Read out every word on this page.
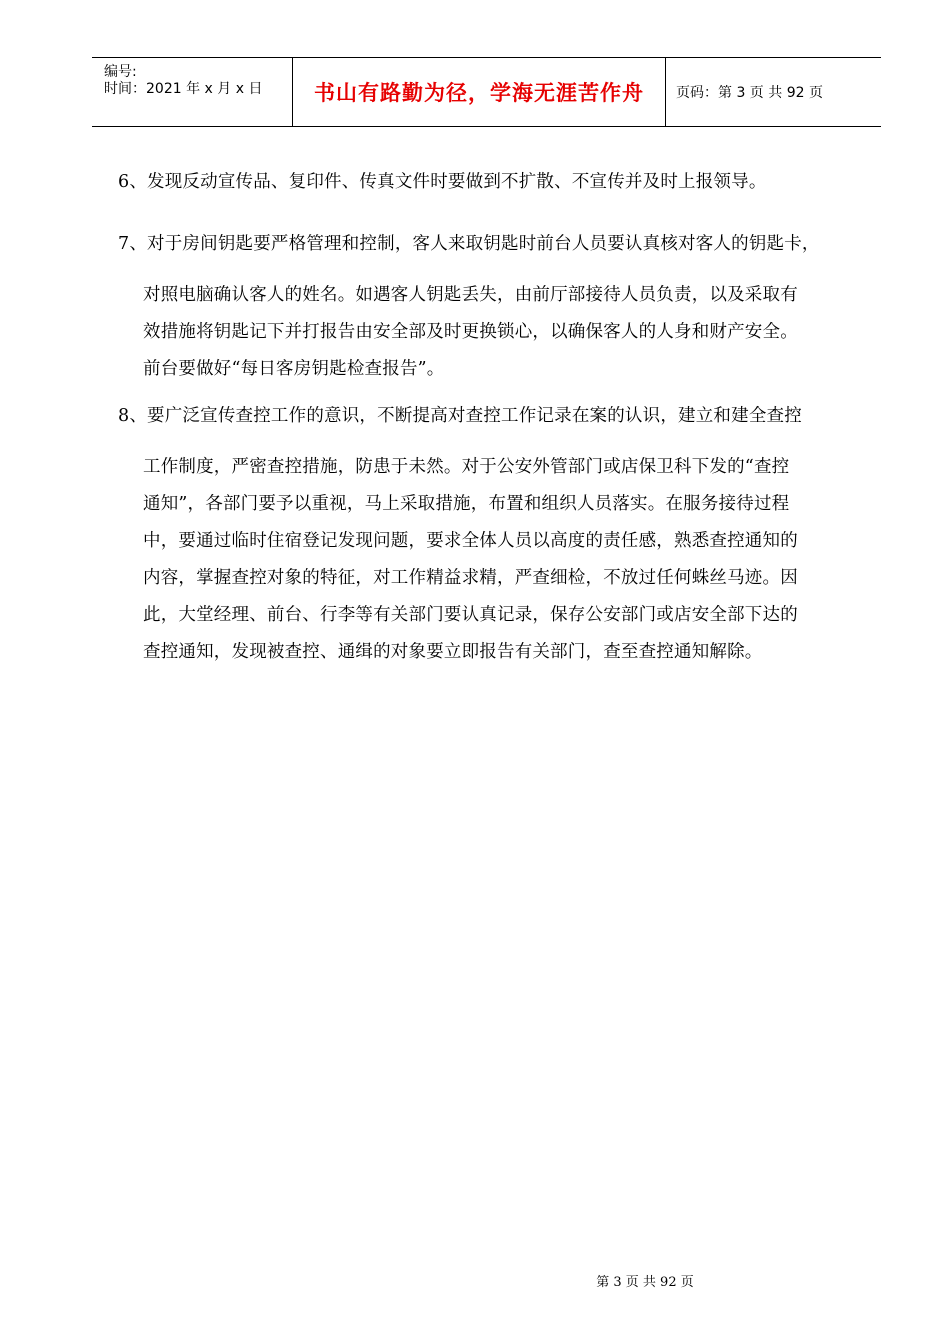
编号:
时间：2021 年 x 月 x 日	书山有路勤为径，学海无涯苦作舟	页码：第 3 页 共 92 页
6、发现反动宣传品、复印件、传真文件时要做到不扩散、不宣传并及时上报领导。
7、对于房间钥匙要严格管理和控制，客人来取钥匙时前台人员要认真核对客人的钥匙卡，
对照电脑确认客人的姓名。如遇客人钥匙丢失，由前厅部接待人员负责，以及采取有
效措施将钥匙记下并打报告由安全部及时更换锁心，以确保客人的人身和财产安全。
前台要做好“每日客房钥匙检查报告”。
8、要广泛宣传查控工作的意识，不断提高对查控工作记录在案的认识，建立和建全查控
工作制度，严密查控措施，防患于未然。对于公安外管部门或店保卫科下发的“查控
通知”，各部门要予以重视，马上采取措施，布置和组织人员落实。在服务接待过程
中，要通过临时住宿登记发现问题，要求全体人员以高度的责任感，熟悉查控通知的
内容，掌握查控对象的特征，对工作精益求精，严查细检，不放过任何蛛丝马迹。因
此，大堂经理、前台、行李等有关部门要认真记录，保存公安部门或店安全部下达的
查控通知，发现被查控、通缉的对象要立即报告有关部门，查至查控通知解除。
第 3 页 共 92 页
